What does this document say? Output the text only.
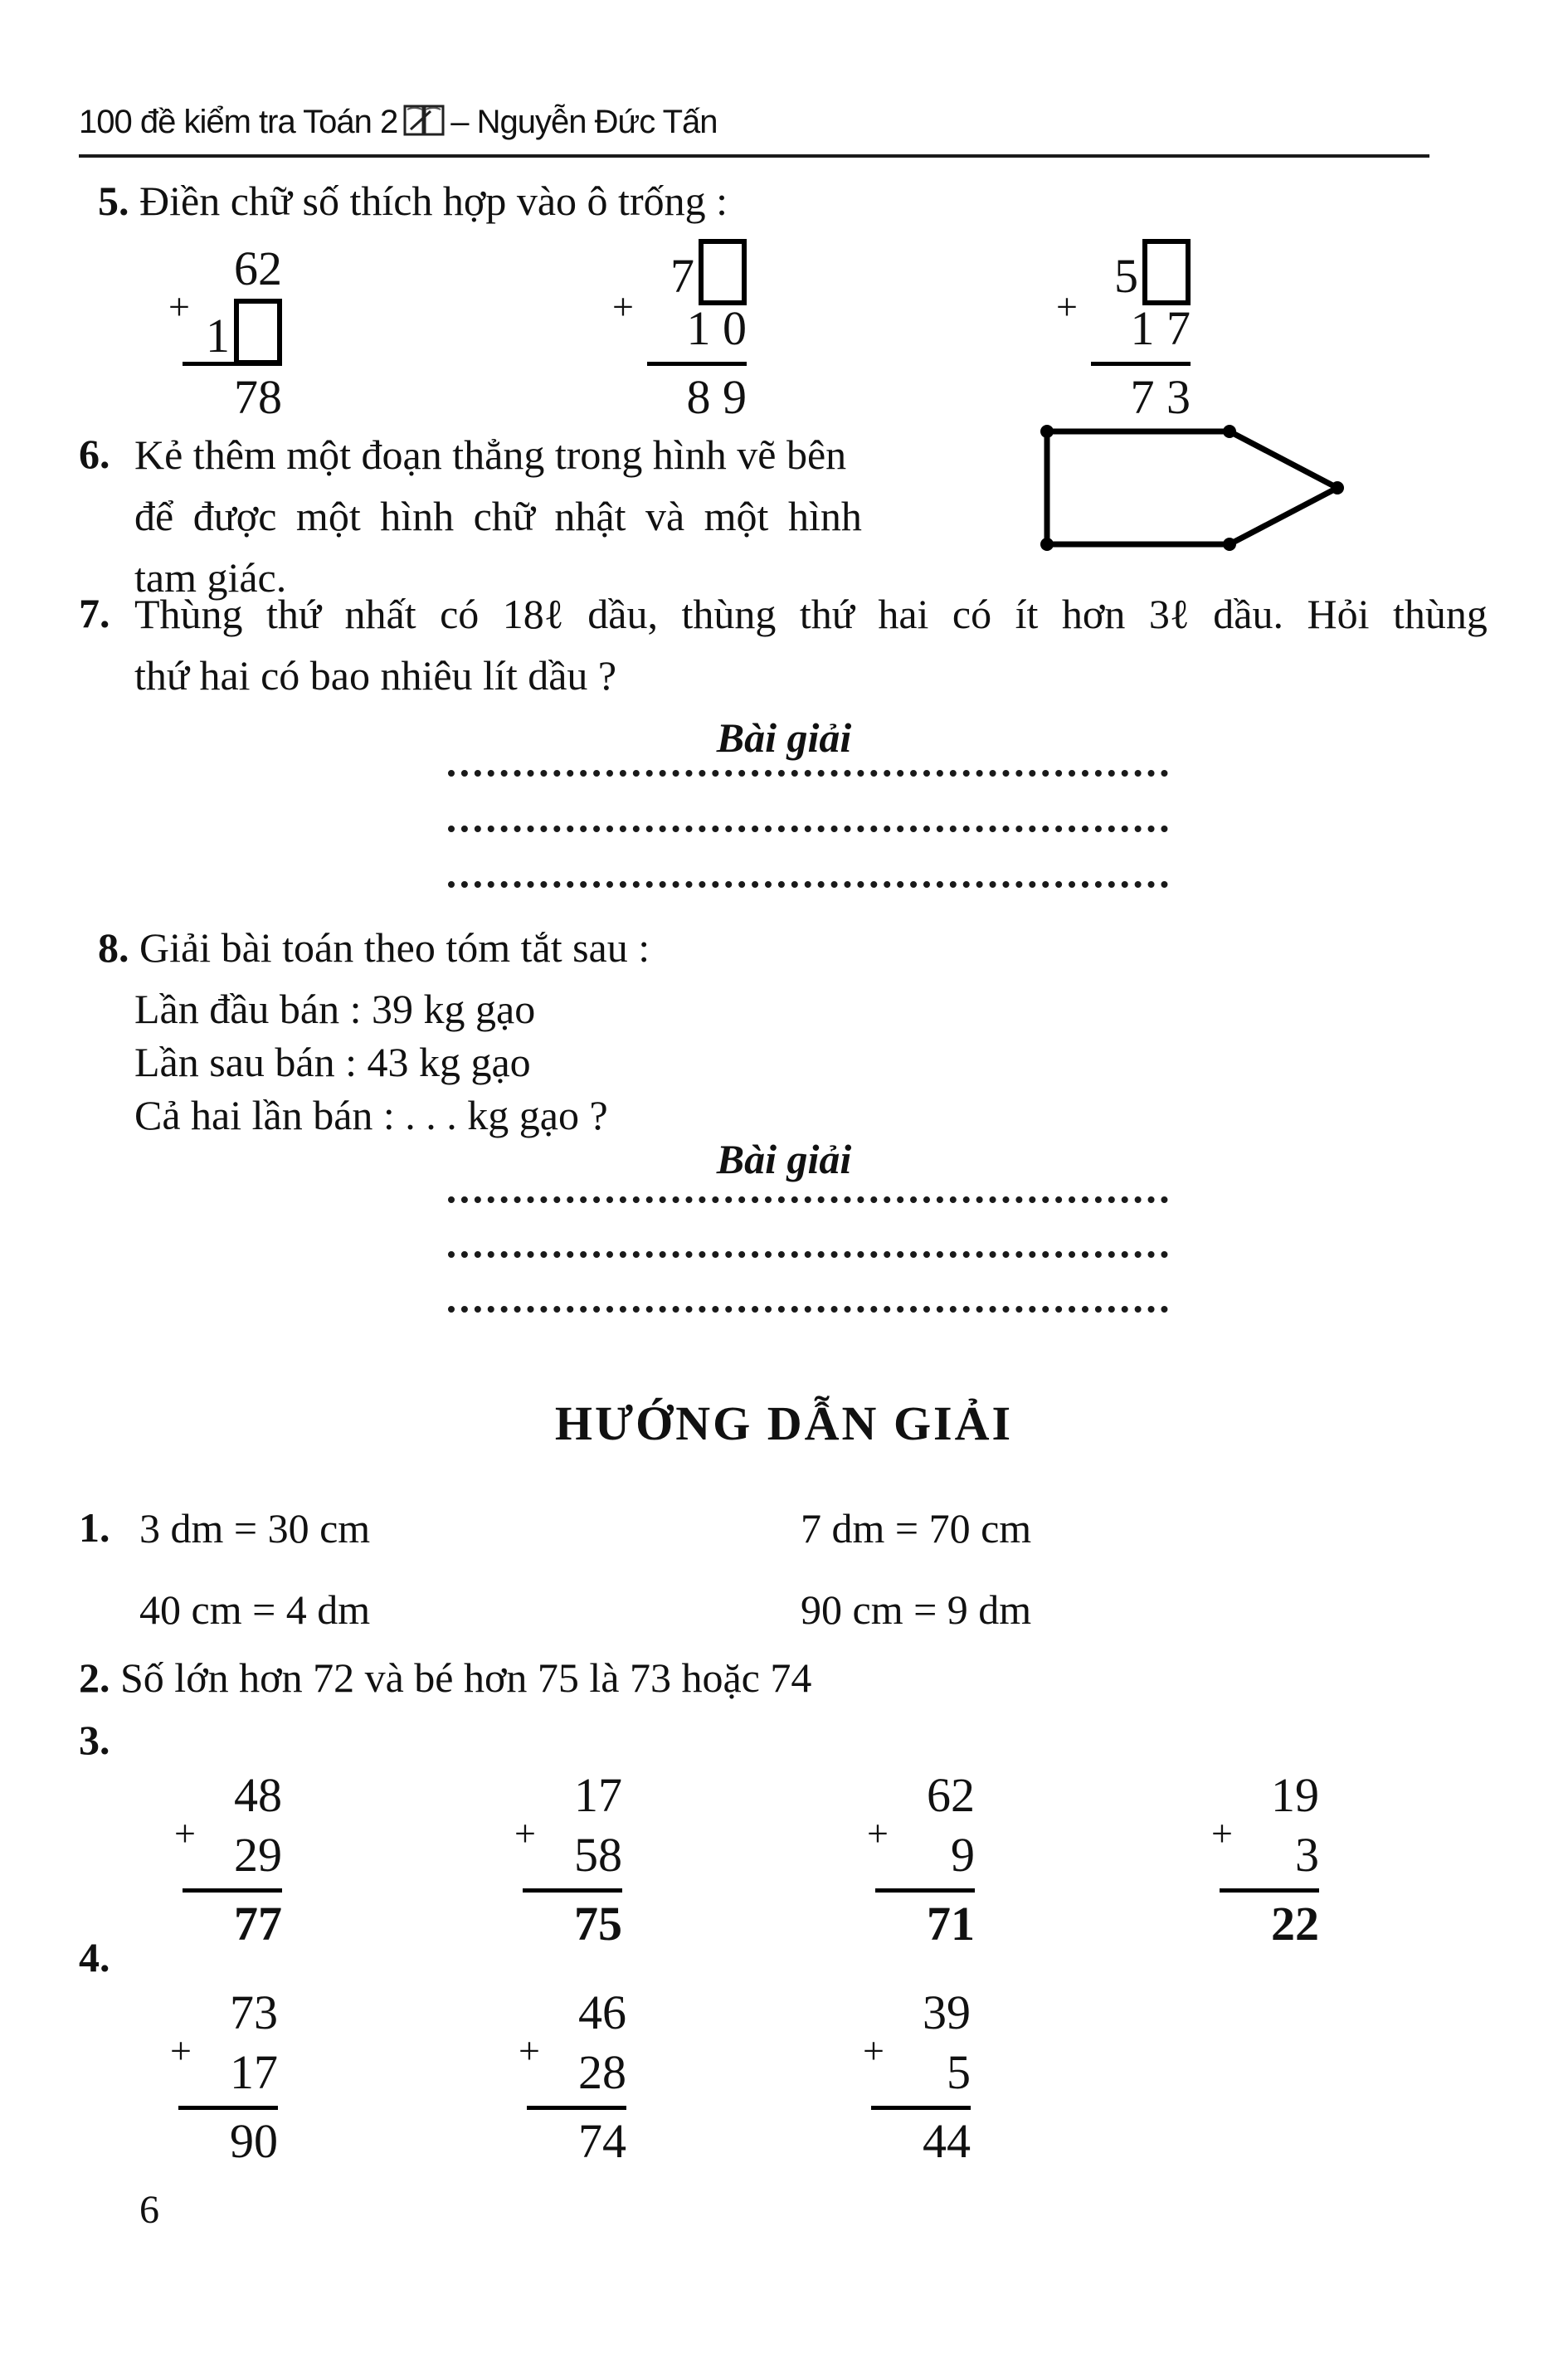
100 đề kiểm tra Toán 2 – Nguyễn Đức Tấn
5. Điền chữ số thích hợp vào ô trống :
62
+
1
78
7
+ 1 0
8 9
5
+ 1 7
7 3
6. Kẻ thêm một đoạn thẳng trong hình vẽ bên
để được một hình chữ nhật và một hình
tam giác.
7. Thùng thứ nhất có 18ℓ dầu, thùng thứ hai có ít hơn 3ℓ dầu. Hỏi thùng
thứ hai có bao nhiêu lít dầu ?
Bài giải
8. Giải bài toán theo tóm tắt sau :
Lần đầu bán : 39 kg gạo
Lần sau bán : 43 kg gạo
Cả hai lần bán : . . . kg gạo ?
Bài giải
HƯỚNG DẪN GIẢI
1. 3 dm = 30 cm	7 dm = 70 cm
40 cm = 4 dm	90 cm = 9 dm
2. Số lớn hơn 72 và bé hơn 75 là 73 hoặc 74
3.
48
+ 29
77
17
+ 58
75
62
+ 9
71
19
+ 3
22
4.
73
+ 17
90
46
+ 28
74
39
+ 5
44
6
